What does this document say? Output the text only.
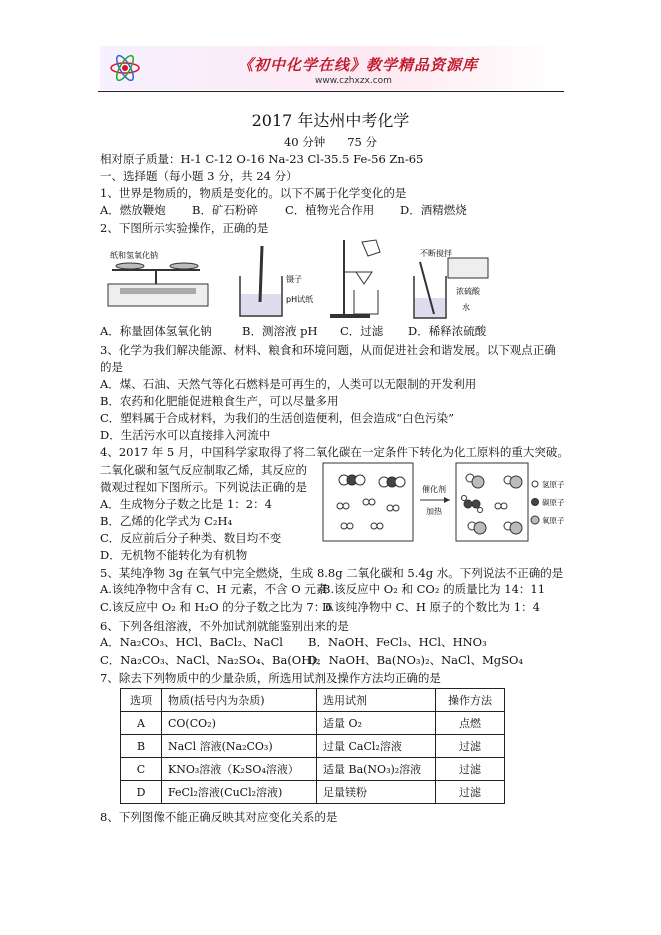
《初中化学在线》教学精品资源库
www.czhxzx.com
2017 年达州中考化学
40 分钟      75 分
相对原子质量：H-1 C-12 O-16 Na-23 Cl-35.5 Fe-56 Zn-65
一、选择题（每小题 3 分，共 24 分）
1、世界是物质的，物质是变化的。以下不属于化学变化的是
A．燃放鞭炮 B．矿石粉碎 C．植物光合作用 D．酒精燃烧
2、下图所示实验操作，正确的是
纸和氢氧化钠
镊子
pH试纸
不断搅拌
浓硫酸
水
A．称量固体氢氧化钠	B．测溶液 pH C．过滤 D．稀释浓硫酸
3、化学为我们解决能源、材料、粮食和环境问题，从而促进社会和谐发展。以下观点正确
的是
A．煤、石油、天然气等化石燃料是可再生的，人类可以无限制的开发利用
B．农药和化肥能促进粮食生产，可以尽量多用
C．塑料属于合成材料，为我们的生活创造便利，但会造成“白色污染”
D．生活污水可以直接排入河流中
4、2017 年 5 月，中国科学家取得了将二氧化碳在一定条件下转化为化工原料的重大突破。
二氧化碳和氢气反应制取乙烯，其反应的
微观过程如下图所示。下列说法正确的是
A．生成物分子数之比是 1：2：4
B．乙烯的化学式为 C₂H₄
C．反应前后分子种类、数目均不变
D．无机物不能转化为有机物
催化剂
加热
氢原子
碳原子
氧原子
5、某纯净物 3g 在氧气中完全燃烧，生成 8.8g 二氧化碳和 5.4g 水。下列说法不正确的是
A.该纯净物中含有 C、H 元素，不含 O 元素
B.该反应中 O₂ 和 CO₂ 的质量比为 14：11
C.该反应中 O₂ 和 H₂O 的分子数之比为 7：6
D.该纯净物中 C、H 原子的个数比为 1：4
6、下列各组溶液，不外加试剂就能鉴别出来的是
A．Na₂CO₃、HCl、BaCl₂、NaCl B．NaOH、FeCl₃、HCl、HNO₃
C．Na₂CO₃、NaCl、Na₂SO₄、Ba(OH)₂
D．NaOH、Ba(NO₃)₂、NaCl、MgSO₄
7、除去下列物质中的少量杂质，所选用试剂及操作方法均正确的是
选项	物质(括号内为杂质)	选用试剂	操作方法
A	CO(CO₂)	适量 O₂	点燃
B	NaCl 溶液(Na₂CO₃)	过量 CaCl₂溶液	过滤
C	KNO₃溶液（K₂SO₄溶液）	适量 Ba(NO₃)₂溶液	过滤
D	FeCl₂溶液(CuCl₂溶液)	足量镁粉	过滤
8、下列图像不能正确反映其对应变化关系的是
